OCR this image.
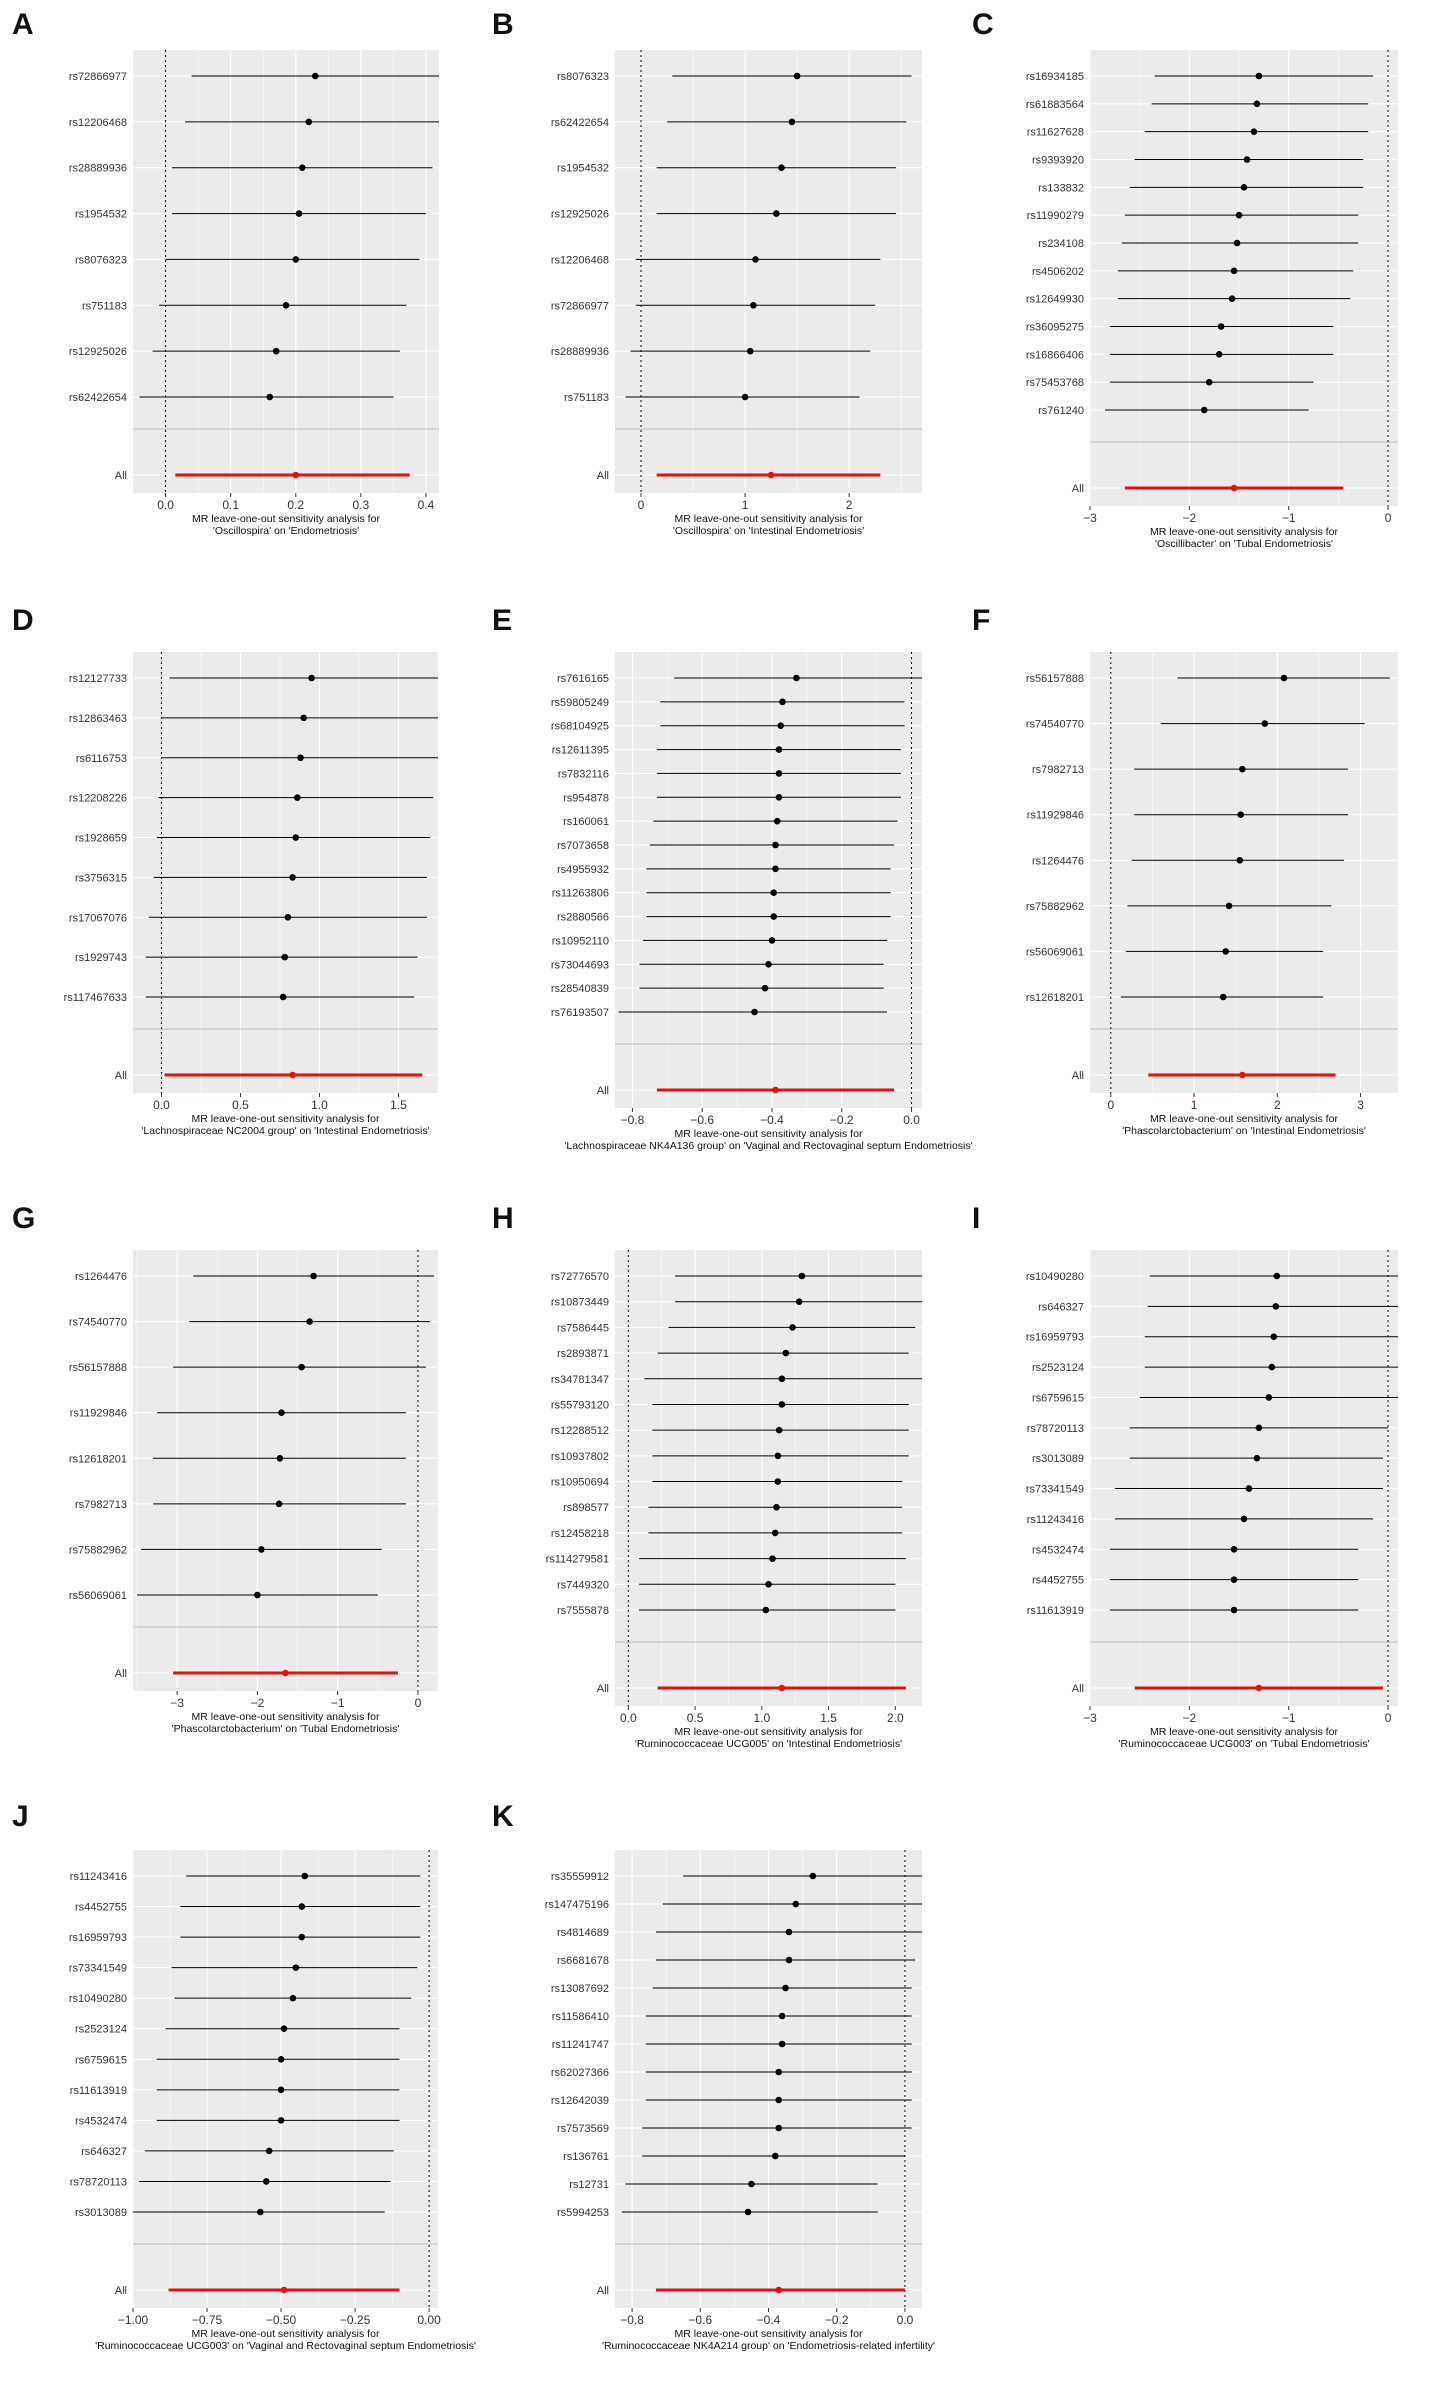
A
rs72866977
rs12206468
rs28889936
rs1954532
rs8076323
rs751183
rs12925026
rs62422654
All
0.0	0.1	0.2	0.3	0.4
MR leave-one-out sensitivity analysis for
'Oscillospira' on 'Endometriosis'
B
rs8076323
rs62422654
rs1954532
rs12925026
rs12206468
rs72866977
rs28889936
rs751183
All
0	1	2
MR leave-one-out sensitivity analysis for
'Oscillospira' on 'Intestinal Endometriosis'
C
rs16934185
rs61883564
rs11627628
rs9393920
rs133832
rs11990279
rs234108
rs4506202
rs12649930
rs36095275
rs16866406
rs75453768
rs761240
All
−3	−2	−1	0
MR leave-one-out sensitivity analysis for
'Oscillibacter' on 'Tubal Endometriosis'
D
rs12127733
rs12863463
rs6116753
rs12208226
rs1928659
rs3756315
rs17067076
rs1929743
rs117467633
All
0.0	0.5	1.0	1.5
MR leave-one-out sensitivity analysis for
'Lachnospiraceae NC2004 group' on 'Intestinal Endometriosis'
E
rs7616165
rs59805249
rs68104925
rs12611395
rs7832116
rs954878
rs160061
rs7073658
rs4955932
rs11263806
rs2880566
rs10952110
rs73044693
rs28540839
rs76193507
All
−0.8	−0.6	−0.4	−0.2	0.0
MR leave-one-out sensitivity analysis for
'Lachnospiraceae NK4A136 group' on 'Vaginal and Rectovaginal septum Endometriosis'
F
rs56157888
rs74540770
rs7982713
rs11929846
rs1264476
rs75882962
rs56069061
rs12618201
All
0	1	2	3
MR leave-one-out sensitivity analysis for
'Phascolarctobacterium' on 'Intestinal Endometriosis'
G
rs1264476
rs74540770
rs56157888
rs11929846
rs12618201
rs7982713
rs75882962
rs56069061
All
−3	−2	−1	0
MR leave-one-out sensitivity analysis for
'Phascolarctobacterium' on 'Tubal Endometriosis'
H
rs72776570
rs10873449
rs7586445
rs2893871
rs34781347
rs55793120
rs12288512
rs10937802
rs10950694
rs898577
rs12458218
rs114279581
rs7449320
rs7555878
All
0.0	0.5	1.0	1.5	2.0
MR leave-one-out sensitivity analysis for
'Ruminococcaceae UCG005' on 'Intestinal Endometriosis'
I
rs10490280
rs646327
rs16959793
rs2523124
rs6759615
rs78720113
rs3013089
rs73341549
rs11243416
rs4532474
rs4452755
rs11613919
All
−3	−2	−1	0
MR leave-one-out sensitivity analysis for
'Ruminococcaceae UCG003' on 'Tubal Endometriosis'
J
rs11243416
rs4452755
rs16959793
rs73341549
rs10490280
rs2523124
rs6759615
rs11613919
rs4532474
rs646327
rs78720113
rs3013089
All
−1.00	−0.75	−0.50	−0.25	0.00
MR leave-one-out sensitivity analysis for
'Ruminococcaceae UCG003' on 'Vaginal and Rectovaginal septum Endometriosis'
K
rs35559912
rs147475196
rs4814689
rs6681678
rs13087692
rs11586410
rs11241747
rs62027366
rs12642039
rs7573569
rs136761
rs12731
rs5994253
All
−0.8	−0.6	−0.4	−0.2	0.0
MR leave-one-out sensitivity analysis for
'Ruminococcaceae NK4A214 group' on 'Endometriosis-related infertility'
